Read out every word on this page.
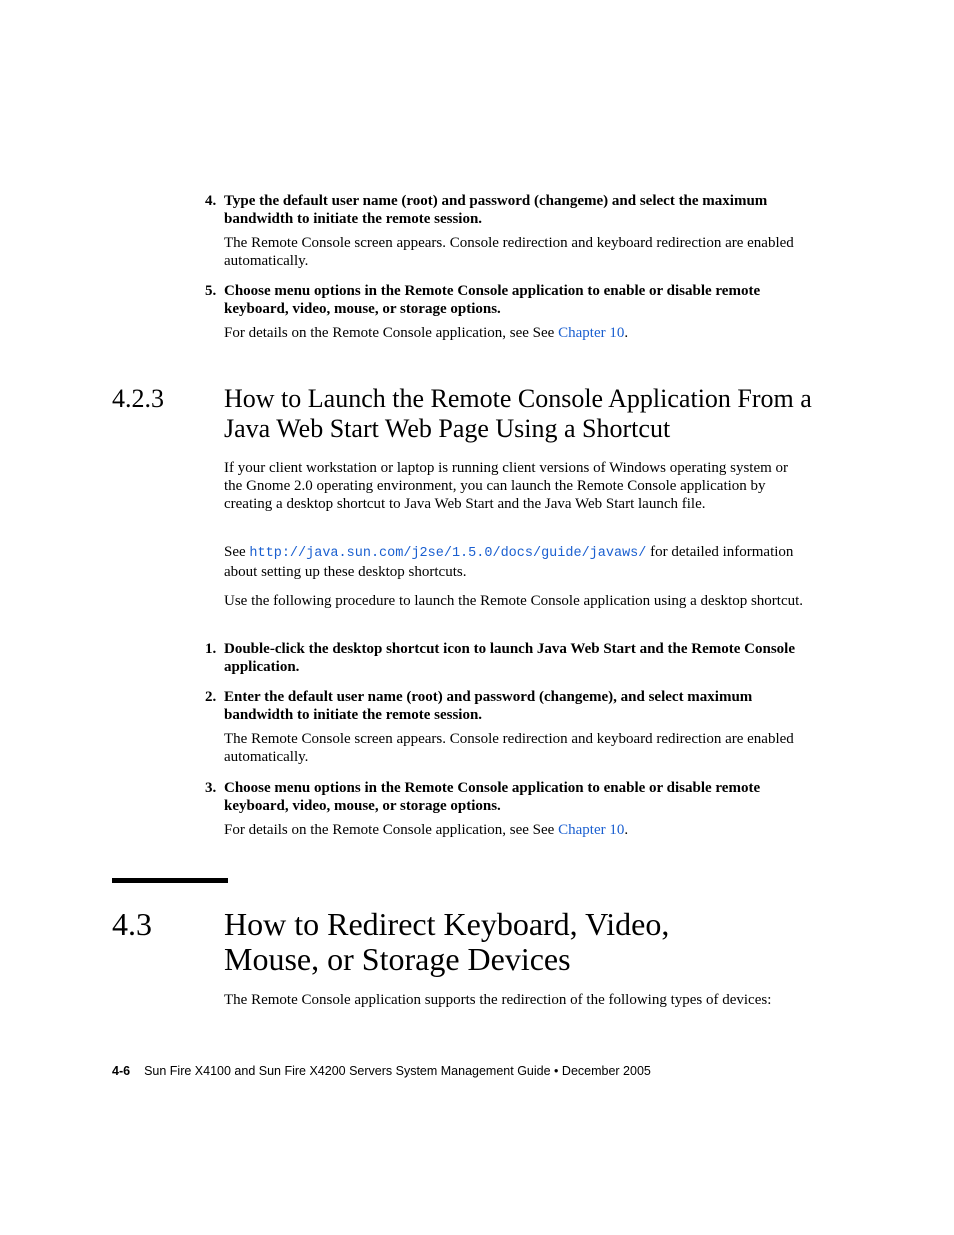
4. Type the default user name (root) and password (changeme) and select the maximum bandwidth to initiate the remote session.
The Remote Console screen appears. Console redirection and keyboard redirection are enabled automatically.
5. Choose menu options in the Remote Console application to enable or disable remote keyboard, video, mouse, or storage options.
For details on the Remote Console application, see See Chapter 10.
4.2.3 How to Launch the Remote Console Application From a Java Web Start Web Page Using a Shortcut
If your client workstation or laptop is running client versions of Windows operating system or the Gnome 2.0 operating environment, you can launch the Remote Console application by creating a desktop shortcut to Java Web Start and the Java Web Start launch file.
See http://java.sun.com/j2se/1.5.0/docs/guide/javaws/ for detailed information about setting up these desktop shortcuts.
Use the following procedure to launch the Remote Console application using a desktop shortcut.
1. Double-click the desktop shortcut icon to launch Java Web Start and the Remote Console application.
2. Enter the default user name (root) and password (changeme), and select maximum bandwidth to initiate the remote session.
The Remote Console screen appears. Console redirection and keyboard redirection are enabled automatically.
3. Choose menu options in the Remote Console application to enable or disable remote keyboard, video, mouse, or storage options.
For details on the Remote Console application, see See Chapter 10.
4.3 How to Redirect Keyboard, Video,
Mouse, or Storage Devices
The Remote Console application supports the redirection of the following types of devices:
4-6 Sun Fire X4100 and Sun Fire X4200 Servers System Management Guide • December 2005
